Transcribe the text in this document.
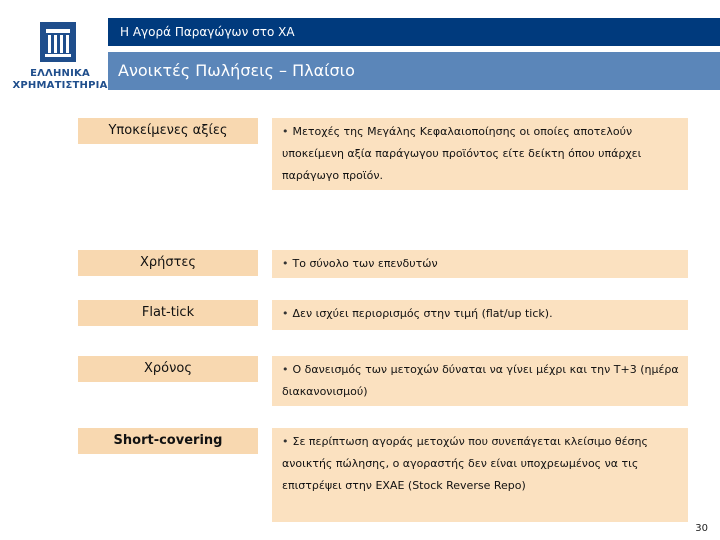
ΕΛΛΗΝΙΚΑ
ΧΡΗΜΑΤΙΣΤΗΡΙΑ
Η Αγορά Παραγώγων στο ΧΑ
Ανοικτές Πωλήσεις – Πλαίσιο
Υποκείμενες αξίες	• Μετοχές της Μεγάλης Κεφαλαιοποίησης οι οποίες αποτελούν υποκείμενη αξία παράγωγου προϊόντος είτε δείκτη όπου υπάρχει παράγωγο προϊόν.
Χρήστες	• Το σύνολο των επενδυτών
Flat-tick	• Δεν ισχύει περιορισμός στην τιμή (flat/up tick).
Χρόνος	• Ο δανεισμός των μετοχών δύναται να γίνει μέχρι και την T+3 (ημέρα διακανονισμού)
Short-covering	• Σε περίπτωση αγοράς μετοχών που συνεπάγεται κλείσιμο θέσης ανοικτής πώλησης, ο αγοραστής δεν είναι υποχρεωμένος να τις επιστρέψει στην ΕΧΑΕ (Stock Reverse Repo)
30
